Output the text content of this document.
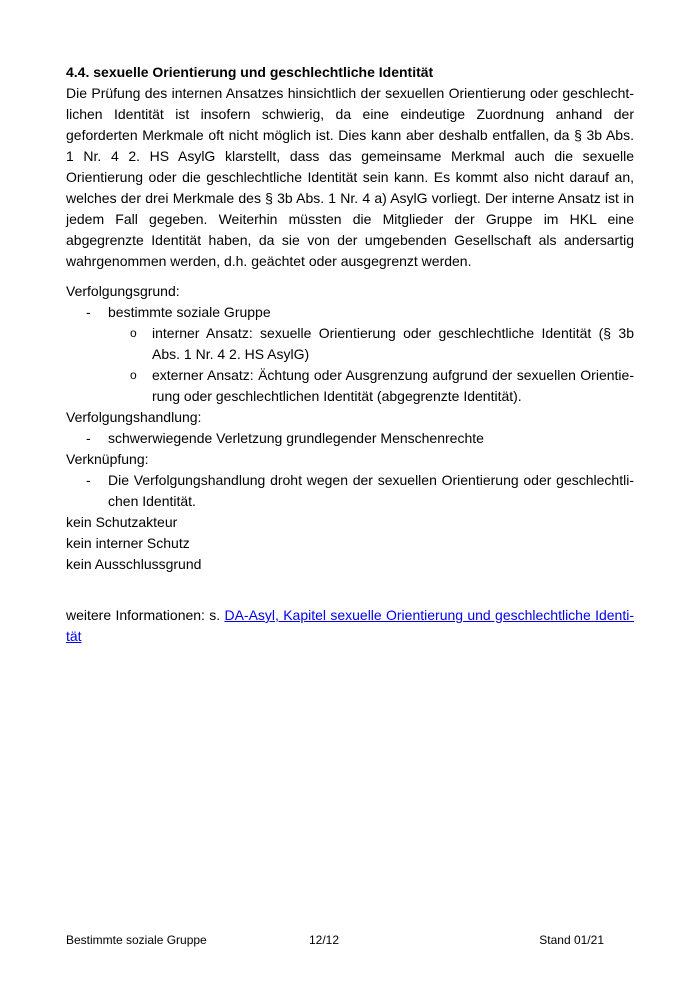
4.4. sexuelle Orientierung und geschlechtliche Identität

Die Prüfung des internen Ansatzes hinsichtlich der sexuellen Orientierung oder geschlechtlichen Identität ist insofern schwierig, da eine eindeutige Zuordnung anhand der geforderten Merkmale oft nicht möglich ist. Dies kann aber deshalb entfallen, da § 3b Abs. 1 Nr. 4 2. HS AsylG klarstellt, dass das gemeinsame Merkmal auch die sexuelle Orientierung oder die geschlechtliche Identität sein kann. Es kommt also nicht darauf an, welches der drei Merkmale des § 3b Abs. 1 Nr. 4 a) AsylG vorliegt. Der interne Ansatz ist in jedem Fall gegeben. Weiterhin müssten die Mitglieder der Gruppe im HKL eine abgegrenzte Identität haben, da sie von der umgebenden Gesellschaft als andersartig wahrgenommen werden, d.h. geächtet oder ausgegrenzt werden.

Verfolgungsgrund:

- bestimmte soziale Gruppe
o interner Ansatz: sexuelle Orientierung oder geschlechtliche Identität (§ 3b Abs. 1 Nr. 4 2. HS AsylG)
o externer Ansatz: Ächtung oder Ausgrenzung aufgrund der sexuellen Orientierung oder geschlechtlichen Identität (abgegrenzte Identität).

Verfolgungshandlung:

- schwerwiegende Verletzung grundlegender Menschenrechte

Verknüpfung:

- Die Verfolgungshandlung droht wegen der sexuellen Orientierung oder geschlechtlichen Identität.

kein Schutzakteur

kein interner Schutz

kein Ausschlussgrund

weitere Informationen: s. DA-Asyl, Kapitel sexuelle Orientierung und geschlechtliche Identität

Bestimmte soziale Gruppe	12/12	Stand 01/21
